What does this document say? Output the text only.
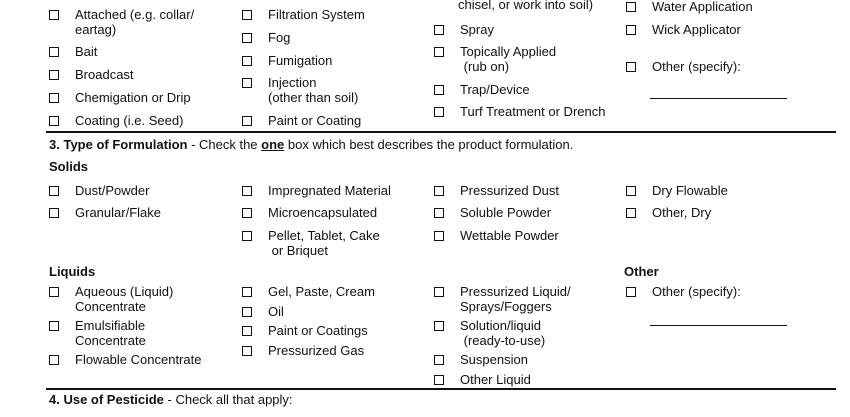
chisel, or work into soil)
3. Type of Formulation - Check the one box which best describes the product formulation.
Solids
Liquids	Other
4. Use of Pesticide - Check all that apply:
Attached (e.g. collar/
eartag)
Bait
Broadcast
Chemigation or Drip
Coating (i.e. Seed)
Filtration System
Fog
Fumigation
Injection
(other than soil)
Paint or Coating
Spray
Topically Applied
(rub on)
Trap/Device
Turf Treatment or Drench
Water Application
Wick Applicator
Other (specify):
Dust/Powder
Granular/Flake
Impregnated Material
Microencapsulated
Pellet, Tablet, Cake
or Briquet
Pressurized Dust
Soluble Powder
Wettable Powder
Dry Flowable
Other, Dry
Aqueous (Liquid)
Concentrate
Emulsifiable
Concentrate
Flowable Concentrate
Gel, Paste, Cream
Oil
Paint or Coatings
Pressurized Gas
Pressurized Liquid/
Sprays/Foggers
Solution/liquid
(ready-to-use)
Suspension
Other Liquid
Other (specify):
